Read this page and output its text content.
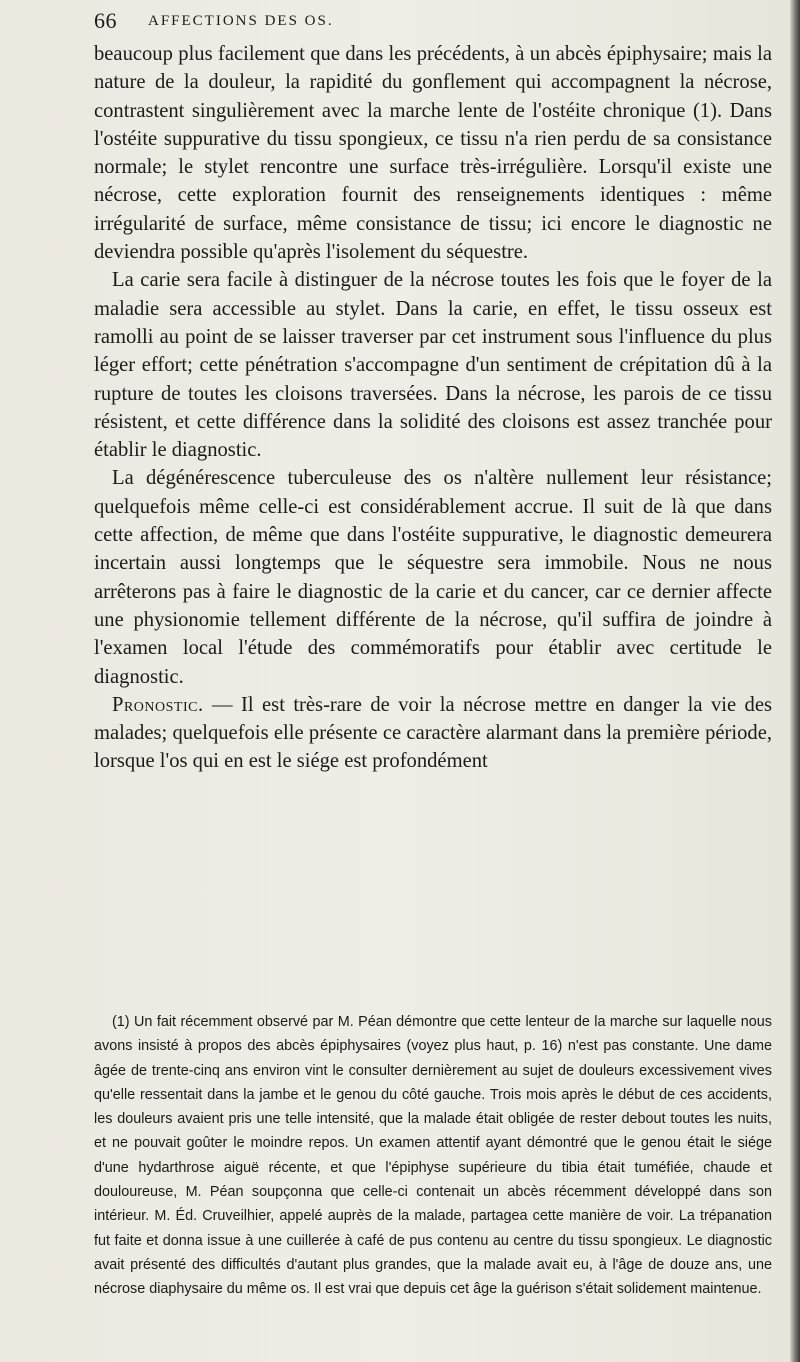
66 AFFECTIONS DES OS.

beaucoup plus facilement que dans les précédents, à un abcès épiphysaire; mais la nature de la douleur, la rapidité du gonflement qui accompagnent la nécrose, contrastent singulièrement avec la marche lente de l'ostéite chronique (1). Dans l'ostéite suppurative du tissu spongieux, ce tissu n'a rien perdu de sa consistance normale; le stylet rencontre une surface très-irrégulière. Lorsqu'il existe une nécrose, cette exploration fournit des renseignements identiques : même irrégularité de surface, même consistance de tissu; ici encore le diagnostic ne deviendra possible qu'après l'isolement du séquestre.

La carie sera facile à distinguer de la nécrose toutes les fois que le foyer de la maladie sera accessible au stylet. Dans la carie, en effet, le tissu osseux est ramolli au point de se laisser traverser par cet instrument sous l'influence du plus léger effort; cette pénétration s'accompagne d'un sentiment de crépitation dû à la rupture de toutes les cloisons traversées. Dans la nécrose, les parois de ce tissu résistent, et cette différence dans la solidité des cloisons est assez tranchée pour établir le diagnostic.

La dégénérescence tuberculeuse des os n'altère nullement leur résistance; quelquefois même celle-ci est considérablement accrue. Il suit de là que dans cette affection, de même que dans l'ostéite suppurative, le diagnostic demeurera incertain aussi longtemps que le séquestre sera immobile. Nous ne nous arrêterons pas à faire le diagnostic de la carie et du cancer, car ce dernier affecte une physionomie tellement différente de la nécrose, qu'il suffira de joindre à l'examen local l'étude des commémoratifs pour établir avec certitude le diagnostic.

Pronostic. — Il est très-rare de voir la nécrose mettre en danger la vie des malades; quelquefois elle présente ce caractère alarmant dans la première période, lorsque l'os qui en est le siége est profondément

(1) Un fait récemment observé par M. Péan démontre que cette lenteur de la marche sur laquelle nous avons insisté à propos des abcès épiphysaires (voyez plus haut, p. 16) n'est pas constante. Une dame âgée de trente-cinq ans environ vint le consulter dernièrement au sujet de douleurs excessivement vives qu'elle ressentait dans la jambe et le genou du côté gauche. Trois mois après le début de ces accidents, les douleurs avaient pris une telle intensité, que la malade était obligée de rester debout toutes les nuits, et ne pouvait goûter le moindre repos. Un examen attentif ayant démontré que le genou était le siége d'une hydarthrose aiguë récente, et que l'épiphyse supérieure du tibia était tuméfiée, chaude et douloureuse, M. Péan soupçonna que celle-ci contenait un abcès récemment développé dans son intérieur. M. Éd. Cruveilhier, appelé auprès de la malade, partagea cette manière de voir. La trépanation fut faite et donna issue à une cuillerée à café de pus contenu au centre du tissu spongieux. Le diagnostic avait présenté des difficultés d'autant plus grandes, que la malade avait eu, à l'âge de douze ans, une nécrose diaphysaire du même os. Il est vrai que depuis cet âge la guérison s'était solidement maintenue.
